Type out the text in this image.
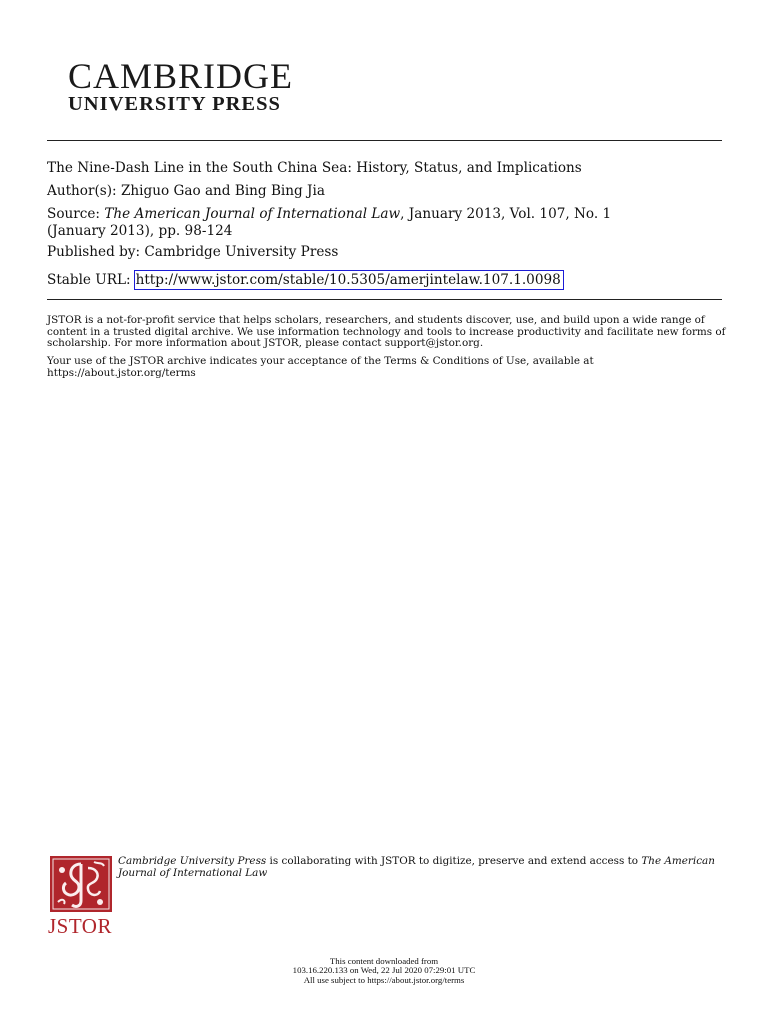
CAMBRIDGE
UNIVERSITY PRESS
The Nine-Dash Line in the South China Sea: History, Status, and Implications
Author(s): Zhiguo Gao and Bing Bing Jia
Source: The American Journal of International Law, January 2013, Vol. 107, No. 1
(January 2013), pp. 98-124
Published by: Cambridge University Press
Stable URL: http://www.jstor.com/stable/10.5305/amerjintelaw.107.1.0098
JSTOR is a not-for-profit service that helps scholars, researchers, and students discover, use, and build upon a wide range of content in a trusted digital archive. We use information technology and tools to increase productivity and facilitate new forms of scholarship. For more information about JSTOR, please contact support@jstor.org.
Your use of the JSTOR archive indicates your acceptance of the Terms & Conditions of Use, available at https://about.jstor.org/terms
JSTOR
Cambridge University Press is collaborating with JSTOR to digitize, preserve and extend access to The American Journal of International Law
This content downloaded from
103.16.220.133 on Wed, 22 Jul 2020 07:29:01 UTC
All use subject to https://about.jstor.org/terms
